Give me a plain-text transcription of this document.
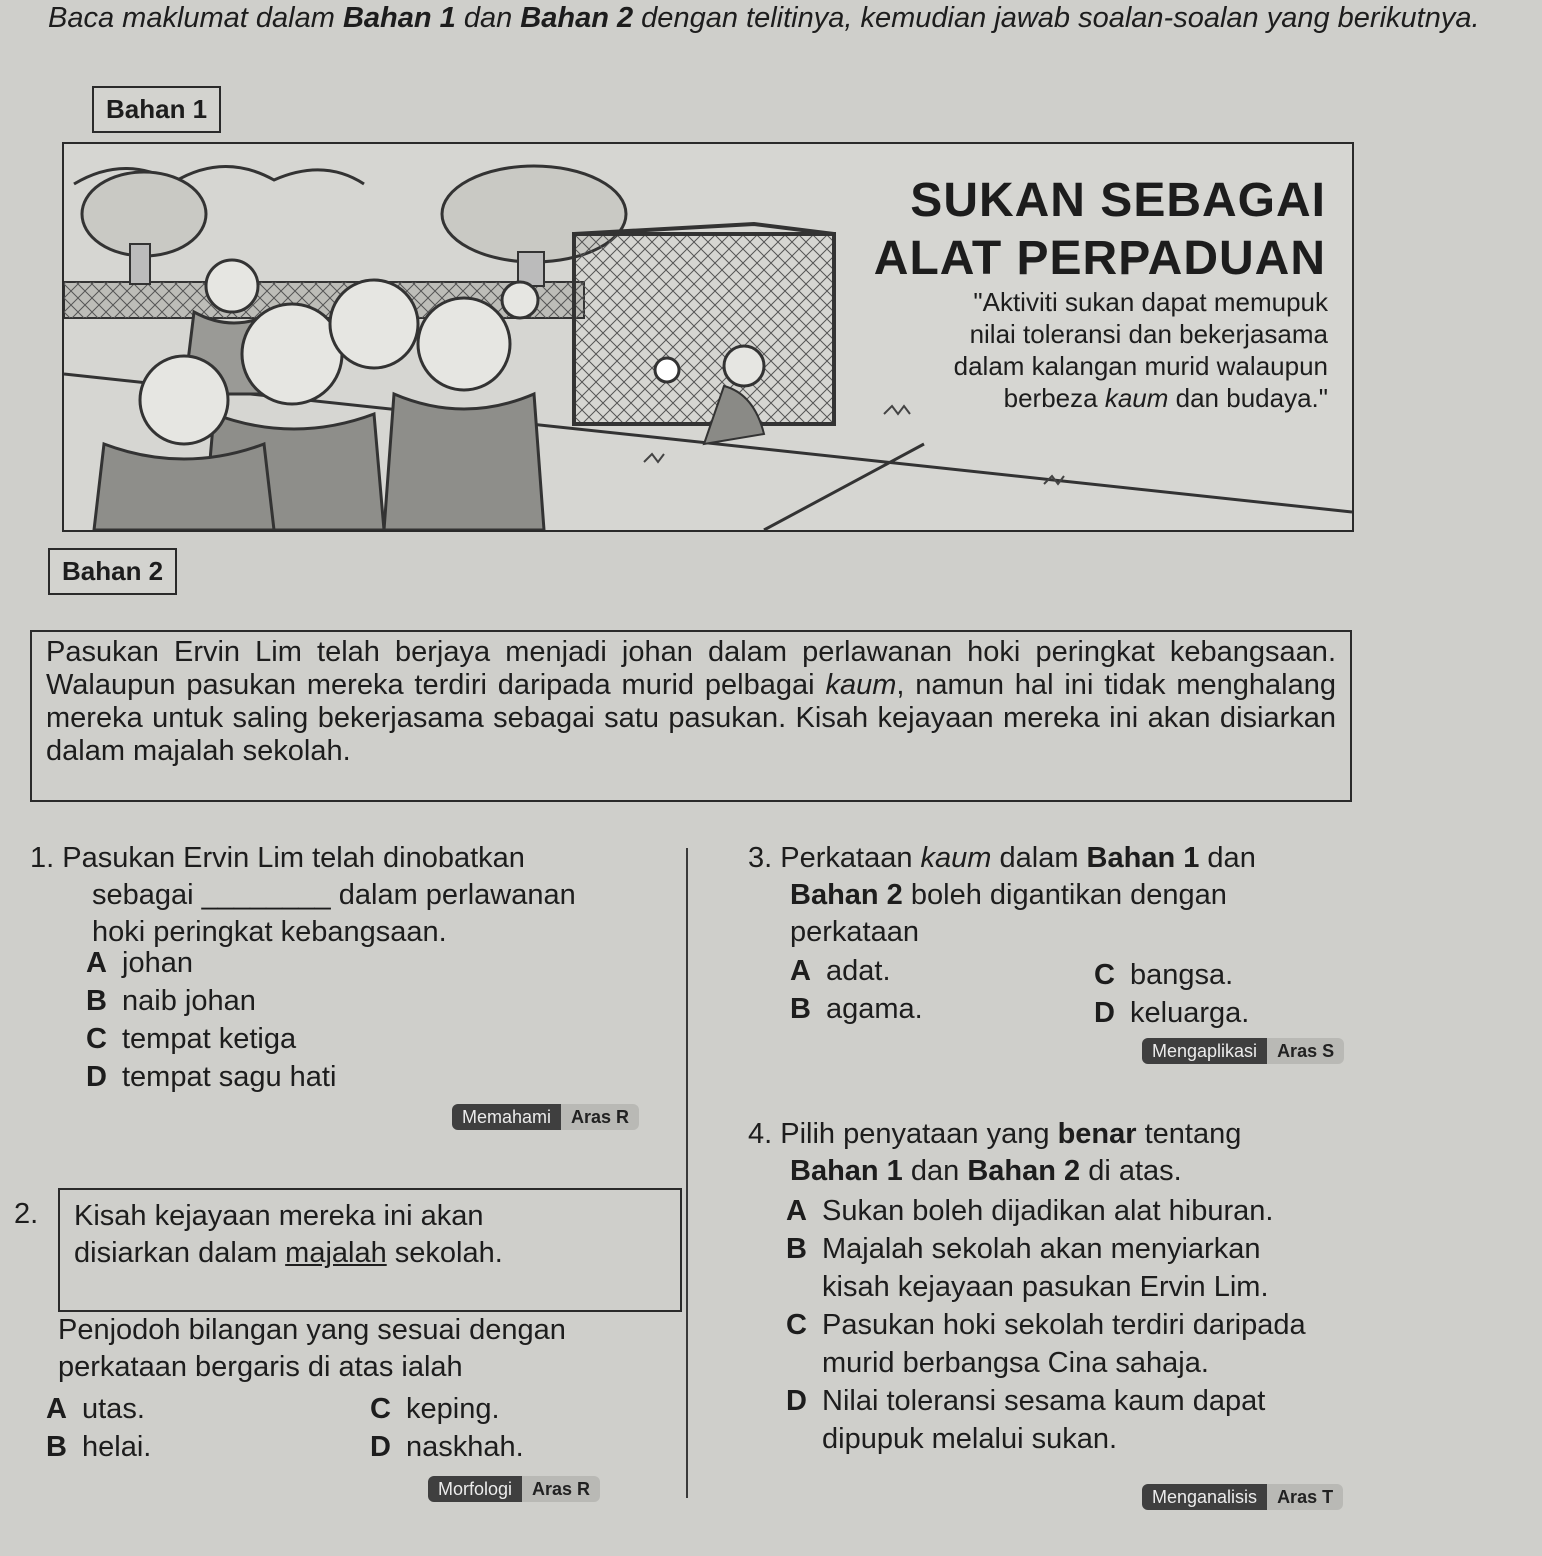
Baca maklumat dalam Bahan 1 dan Bahan 2 dengan telitinya, kemudian jawab soalan-soalan yang berikutnya.
Bahan 1
SUKAN SEBAGAI
ALAT PERPADUAN
"Aktiviti sukan dapat memupuk
nilai toleransi dan bekerjasama
dalam kalangan murid walaupun
berbeza kaum dan budaya."
Bahan 2
Pasukan Ervin Lim telah berjaya menjadi johan dalam perlawanan hoki peringkat kebangsaan. Walaupun pasukan mereka terdiri daripada murid pelbagai kaum, namun hal ini tidak menghalang mereka untuk saling bekerjasama sebagai satu pasukan. Kisah kejayaan mereka ini akan disiarkan dalam majalah sekolah.
1. Pasukan Ervin Lim telah dinobatkan
sebagai ________ dalam perlawanan
hoki peringkat kebangsaan.
A johan
B naib johan
C tempat ketiga
D tempat sagu hati
Memahami	Aras R
2. Kisah kejayaan mereka ini akan
disiarkan dalam majalah sekolah.
Penjodoh bilangan yang sesuai dengan
perkataan bergaris di atas ialah
A utas.
B helai.
C keping.
D naskhah.
Morfologi	Aras R
3. Perkataan kaum dalam Bahan 1 dan
Bahan 2 boleh digantikan dengan
perkataan
A adat.
B agama.
C bangsa.
D keluarga.
Mengaplikasi	Aras S
4. Pilih penyataan yang benar tentang
Bahan 1 dan Bahan 2 di atas.
A Sukan boleh dijadikan alat hiburan.
B Majalah sekolah akan menyiarkan
kisah kejayaan pasukan Ervin Lim.
C Pasukan hoki sekolah terdiri daripada
murid berbangsa Cina sahaja.
D Nilai toleransi sesama kaum dapat
dipupuk melalui sukan.
Menganalisis	Aras T
